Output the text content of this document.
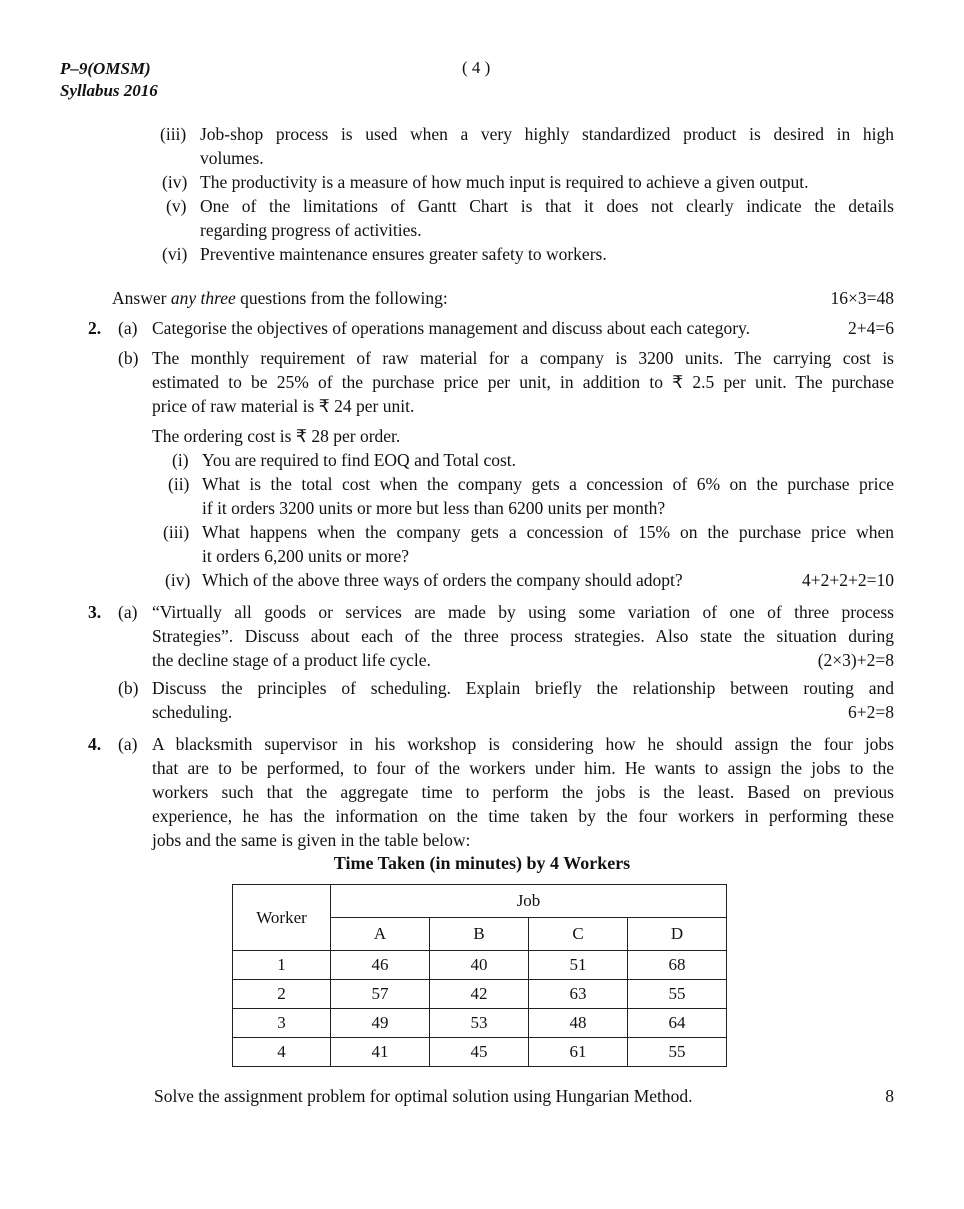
P–9(OMSM)
Syllabus 2016
( 4 )
(iii) Job-shop process is used when a very highly standardized product is desired in high
volumes.
(iv) The productivity is a measure of how much input is required to achieve a given output.
(v) One of the limitations of Gantt Chart is that it does not clearly indicate the details
regarding progress of activities.
(vi) Preventive maintenance ensures greater safety to workers.
Answer any three questions from the following:	16×3=48
2. (a) Categorise the objectives of operations management and discuss about each category.	2+4=6
(b) The monthly requirement of raw material for a company is 3200 units. The carrying cost is
estimated to be 25% of the purchase price per unit, in addition to ₹ 2.5 per unit. The purchase
price of raw material is ₹ 24 per unit.
The ordering cost is ₹ 28 per order.
(i) You are required to find EOQ and Total cost.
(ii) What is the total cost when the company gets a concession of 6% on the purchase price
if it orders 3200 units or more but less than 6200 units per month?
(iii) What happens when the company gets a concession of 15% on the purchase price when
it orders 6,200 units or more?
(iv) Which of the above three ways of orders the company should adopt?	4+2+2+2=10
3. (a) “Virtually all goods or services are made by using some variation of one of three process
Strategies”. Discuss about each of the three process strategies. Also state the situation during
the decline stage of a product life cycle.	(2×3)+2=8
(b) Discuss the principles of scheduling. Explain briefly the relationship between routing and
scheduling.	6+2=8
4. (a) A blacksmith supervisor in his workshop is considering how he should assign the four jobs
that are to be performed, to four of the workers under him. He wants to assign the jobs to the
workers such that the aggregate time to perform the jobs is the least. Based on previous
experience, he has the information on the time taken by the four workers in performing these
jobs and the same is given in the table below:
Time Taken (in minutes) by 4 Workers
Worker	Job			
	A	B	C	D
1	46	40	51	68
2	57	42	63	55
3	49	53	48	64
4	41	45	61	55
Solve the assignment problem for optimal solution using Hungarian Method.	8
